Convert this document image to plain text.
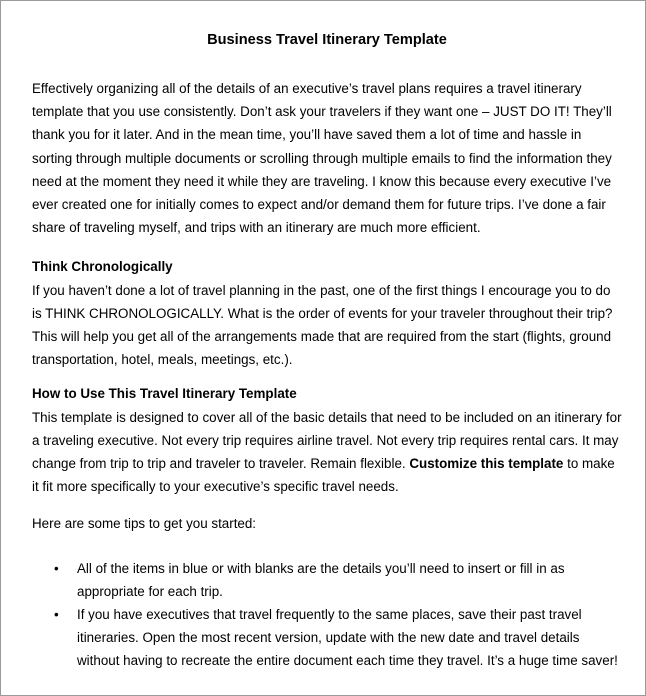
Business Travel Itinerary Template

Effectively organizing all of the details of an executive’s travel plans requires a travel itinerary template that you use consistently. Don’t ask your travelers if they want one – JUST DO IT! They’ll thank you for it later. And in the mean time, you’ll have saved them a lot of time and hassle in sorting through multiple documents or scrolling through multiple emails to find the information they need at the moment they need it while they are traveling. I know this because every executive I’ve ever created one for initially comes to expect and/or demand them for future trips. I’ve done a fair share of traveling myself, and trips with an itinerary are much more efficient.

Think Chronologically

If you haven’t done a lot of travel planning in the past, one of the first things I encourage you to do is THINK CHRONOLOGICALLY. What is the order of events for your traveler throughout their trip? This will help you get all of the arrangements made that are required from the start (flights, ground transportation, hotel, meals, meetings, etc.).

How to Use This Travel Itinerary Template

This template is designed to cover all of the basic details that need to be included on an itinerary for a traveling executive. Not every trip requires airline travel. Not every trip requires rental cars. It may change from trip to trip and traveler to traveler. Remain flexible. Customize this template to make it fit more specifically to your executive’s specific travel needs.

Here are some tips to get you started:

• All of the items in blue or with blanks are the details you’ll need to insert or fill in as appropriate for each trip.
• If you have executives that travel frequently to the same places, save their past travel itineraries. Open the most recent version, update with the new date and travel details without having to recreate the entire document each time they travel. It’s a huge time saver!
